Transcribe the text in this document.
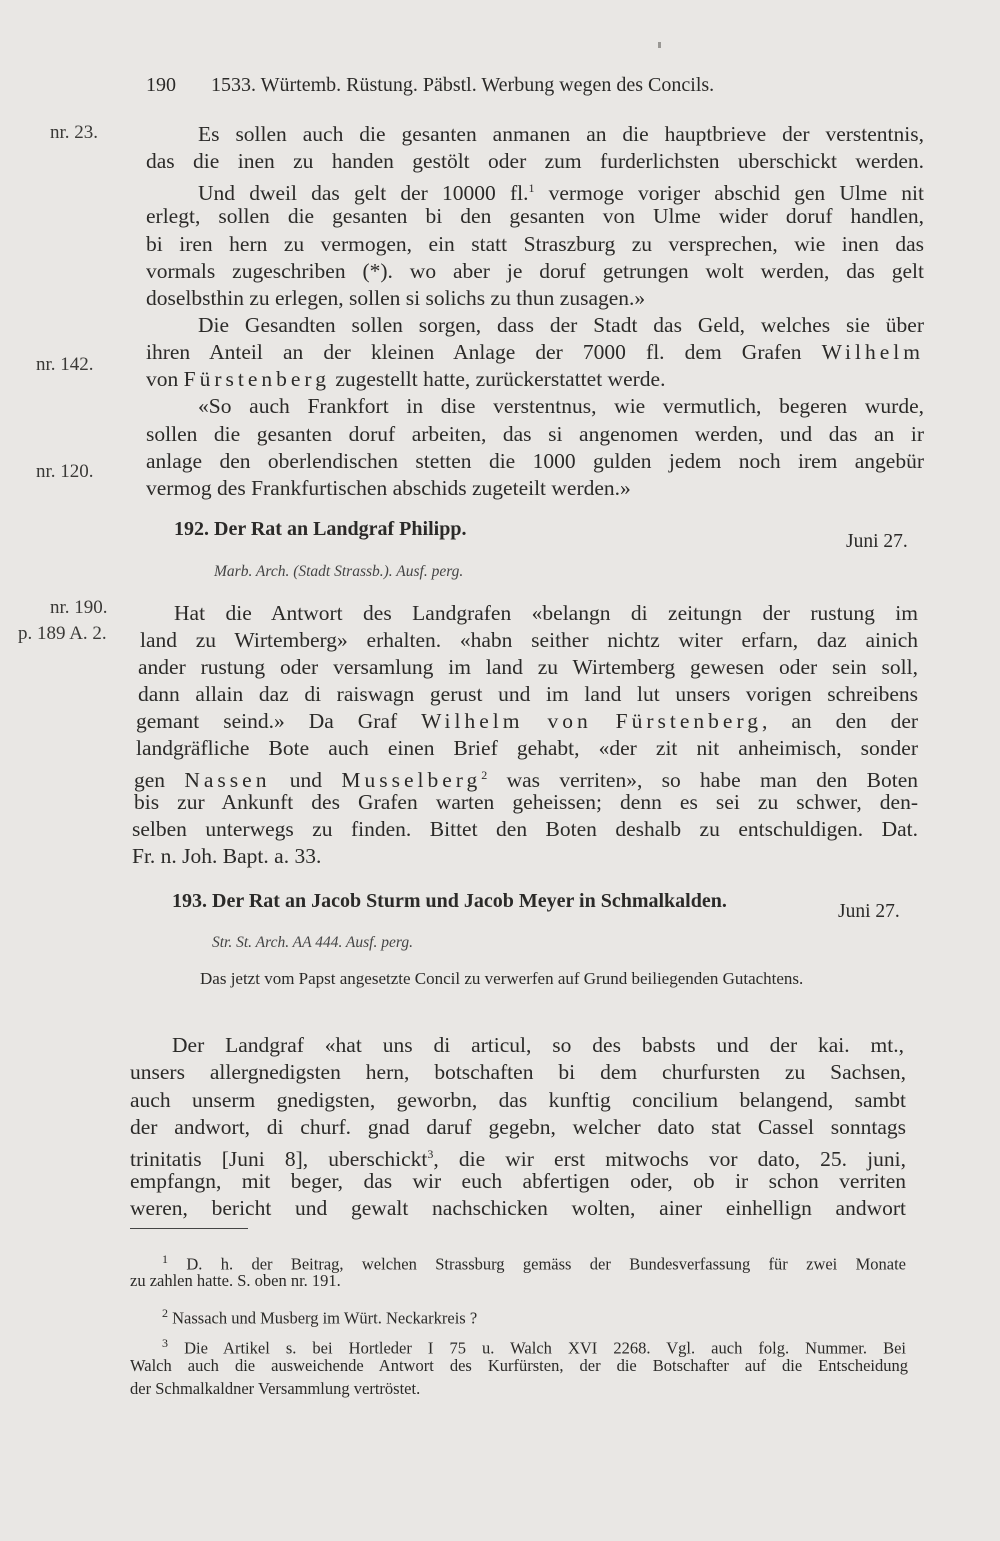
190 1533. Würtemb. Rüstung. Päbstl. Werbung wegen des Concils.
nr. 23.
nr. 142.
nr. 120.
nr. 190.
p. 189 A. 2.
Es sollen auch die gesanten anmanen an die hauptbrieve der verstentnis,
das die inen zu handen gestölt oder zum furderlichsten uberschickt werden.
Und dweil das gelt der 10000 fl.$^1$ vermoge voriger abschid gen Ulme nit
erlegt, sollen die gesanten bi den gesanten von Ulme wider doruf handlen,
bi iren hern zu vermogen, ein statt Straszburg zu versprechen, wie inen das
vormals zugeschriben (*). wo aber je doruf getrungen wolt werden, das gelt
doselbsthin zu erlegen, sollen si solichs zu thun zusagen.»
Die Gesandten sollen sorgen, dass der Stadt das Geld, welches sie über
ihren Anteil an der kleinen Anlage der 7000 fl. dem Grafen Wilhelm
von Fürstenberg zugestellt hatte, zurückerstattet werde.
«So auch Frankfort in dise verstentnus, wie vermutlich, begeren wurde,
sollen die gesanten doruf arbeiten, das si angenomen werden, und das an ir
anlage den oberlendischen stetten die 1000 gulden jedem noch irem angebür
vermog des Frankfurtischen abschids zugeteilt werden.»
192. Der Rat an Landgraf Philipp.
Juni 27.
Marb. Arch. (Stadt Strassb.). Ausf. perg.
Hat die Antwort des Landgrafen «belangn di zeitungn der rustung im
land zu Wirtemberg» erhalten. «habn seither nichtz witer erfarn, daz ainich
ander rustung oder versamlung im land zu Wirtemberg gewesen oder sein soll,
dann allain daz di raiswagn gerust und im land lut unsers vorigen schreibens
gemant seind.» Da Graf Wilhelm von Fürstenberg, an den der
landgräfliche Bote auch einen Brief gehabt, «der zit nit anheimisch, sonder
gen Nassen und Musselberg$^2$ was verriten», so habe man den Boten
bis zur Ankunft des Grafen warten geheissen; denn es sei zu schwer, den-
selben unterwegs zu finden. Bittet den Boten deshalb zu entschuldigen. Dat.
Fr. n. Joh. Bapt. a. 33.
193. Der Rat an Jacob Sturm und Jacob Meyer in Schmalkalden.	Juni 27.
Str. St. Arch. AA 444. Ausf. perg.
Das jetzt vom Papst angesetzte Concil zu verwerfen auf Grund beiliegenden Gutachtens.
Der Landgraf «hat uns di articul, so des babsts und der kai. mt.,
unsers allergnedigsten hern, botschaften bi dem churfursten zu Sachsen,
auch unserm gnedigsten, geworbn, das kunftig concilium belangend, sambt
der andwort, di churf. gnad daruf gegebn, welcher dato stat Cassel sonntags
trinitatis [Juni 8], uberschickt$^3$, die wir erst mitwochs vor dato, 25. juni,
empfangn, mit beger, das wir euch abfertigen oder, ob ir schon verriten
weren, bericht und gewalt nachschicken wolten, ainer einhellign andwort
$^1$ D. h. der Beitrag, welchen Strassburg gemäss der Bundesverfassung für zwei Monate
zu zahlen hatte. S. oben nr. 191.
$^2$ Nassach und Musberg im Würt. Neckarkreis ?
$^3$ Die Artikel s. bei Hortleder I 75 u. Walch XVI 2268. Vgl. auch folg. Nummer. Bei
Walch auch die ausweichende Antwort des Kurfürsten, der die Botschafter auf die Entscheidung
der Schmalkaldner Versammlung vertröstet.
